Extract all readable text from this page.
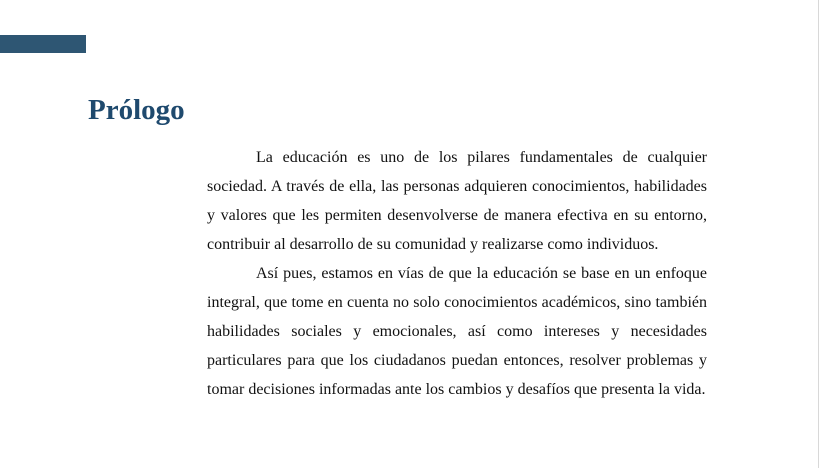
Prólogo

La educación es uno de los pilares fundamentales de cualquier sociedad. A través de ella, las personas adquieren conocimientos, habilidades y valores que les permiten desenvolverse de manera efectiva en su entorno, contribuir al desarrollo de su comunidad y realizarse como individuos.

Así pues, estamos en vías de que la educación se base en un enfoque integral, que tome en cuenta no solo conocimientos académicos, sino también habilidades sociales y emocionales, así como intereses y necesidades particulares para que los ciudadanos puedan entonces, resolver problemas y tomar decisiones informadas ante los cambios y desafíos que presenta la vida.
